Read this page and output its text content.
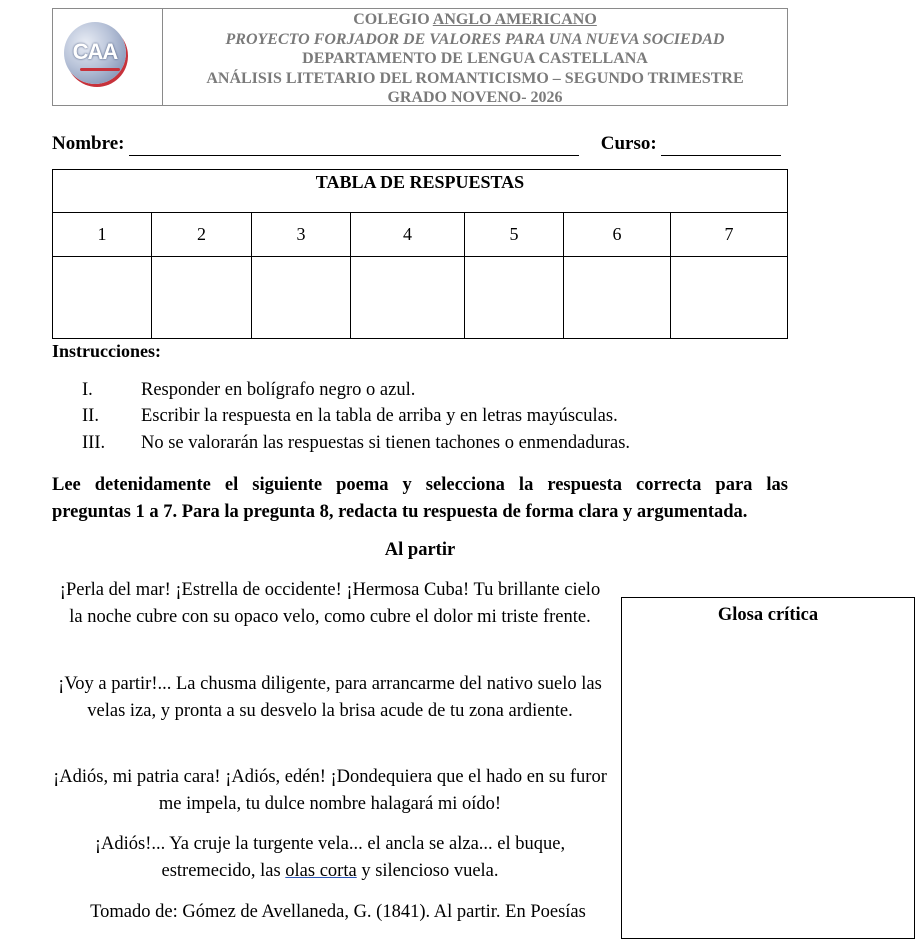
CAA
COLEGIO ANGLO AMERICANO
PROYECTO FORJADOR DE VALORES PARA UNA NUEVA SOCIEDAD
DEPARTAMENTO DE LENGUA CASTELLANA
ANÁLISIS LITETARIO DEL ROMANTICISMO – SEGUNDO TRIMESTRE
GRADO NOVENO- 2026
Nombre:	Curso:
TABLA DE RESPUESTAS						
1	2	3	4	5	6	7

Instrucciones:
I.	Responder en bolígrafo negro o azul.
II. Escribir la respuesta en la tabla de arriba y en letras mayúsculas.
III. No se valorarán las respuestas si tienen tachones o enmendaduras.
Lee detenidamente el siguiente poema y selecciona la respuesta correcta para las
preguntas 1 a 7. Para la pregunta 8, redacta tu respuesta de forma clara y argumentada.
Al partir
¡Perla del mar! ¡Estrella de occidente! ¡Hermosa Cuba! Tu brillante cielo la noche cubre con su opaco velo, como cubre el dolor mi triste frente.
¡Voy a partir!... La chusma diligente, para arrancarme del nativo suelo las velas iza, y pronta a su desvelo la brisa acude de tu zona ardiente.
¡Adiós, mi patria cara! ¡Adiós, edén! ¡Dondequiera que el hado en su furor me impela, tu dulce nombre halagará mi oído!
¡Adiós!... Ya cruje la turgente vela... el ancla se alza... el buque, estremecido, las olas corta y silencioso vuela.
Tomado de: Gómez de Avellaneda, G. (1841). Al partir. En Poesías
Glosa crítica
